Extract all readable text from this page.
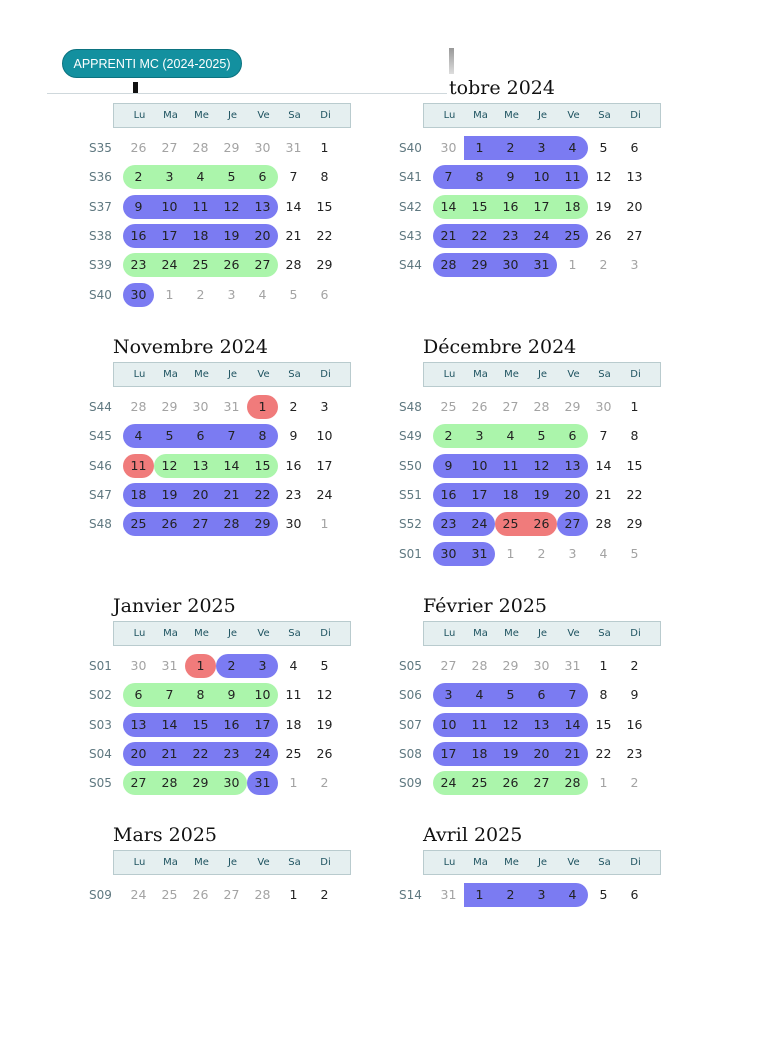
APPRENTI MC (2024-2025)
Lu	Ma	Me	Je	Ve	Sa	Di
S35	26	27	28	29	30	31	1
S36	2	3	4	5	6	7	8
S37	9	10	11	12	13	14	15
S38	16	17	18	19	20	21	22
S39	23	24	25	26	27	28	29
S40	30	1	2	3	4	5	6
tobre 2024
Lu	Ma	Me	Je	Ve	Sa	Di
S40	30	1	2	3	4	5	6
S41	7	8	9	10	11	12	13
S42	14	15	16	17	18	19	20
S43	21	22	23	24	25	26	27
S44	28	29	30	31	1	2	3
Novembre 2024
Lu	Ma	Me	Je	Ve	Sa	Di
S44	28	29	30	31	1	2	3
S45	4	5	6	7	8	9	10
S46	11	12	13	14	15	16	17
S47	18	19	20	21	22	23	24
S48	25	26	27	28	29	30	1
Décembre 2024
Lu	Ma	Me	Je	Ve	Sa	Di
S48	25	26	27	28	29	30	1
S49	2	3	4	5	6	7	8
S50	9	10	11	12	13	14	15
S51	16	17	18	19	20	21	22
S52	23	24	25	26	27	28	29
S01	30	31	1	2	3	4	5
Janvier 2025
Lu	Ma	Me	Je	Ve	Sa	Di
S01	30	31	1	2	3	4	5
S02	6	7	8	9	10	11	12
S03	13	14	15	16	17	18	19
S04	20	21	22	23	24	25	26
S05	27	28	29	30	31	1	2
Février 2025
Lu	Ma	Me	Je	Ve	Sa	Di
S05	27	28	29	30	31	1	2
S06	3	4	5	6	7	8	9
S07	10	11	12	13	14	15	16
S08	17	18	19	20	21	22	23
S09	24	25	26	27	28	1	2
Mars 2025
Lu	Ma	Me	Je	Ve	Sa	Di
S09	24	25	26	27	28	1	2
Avril 2025
Lu	Ma	Me	Je	Ve	Sa	Di
S14	31	1	2	3	4	5	6
